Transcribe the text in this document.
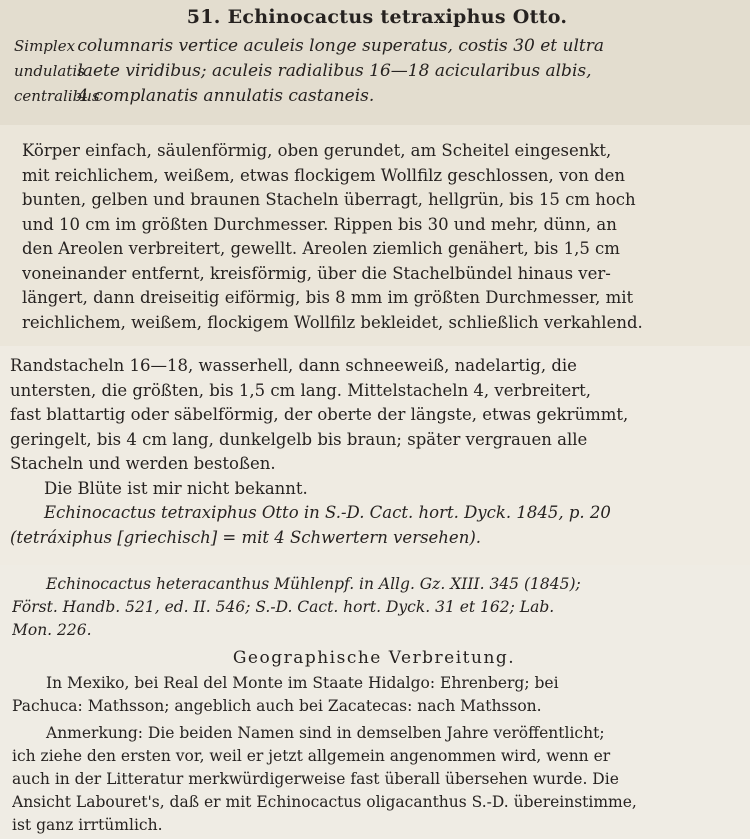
51. Echinocactus tetraxiphus Otto.

Simplex columnaris vertice aculeis longe superatus, costis 30 et ultra
undulatis laete viridibus; aculeis radialibus 16—18 acicularibus albis,
centralibus 4 complanatis annulatis castaneis.

Körper einfach, säulenförmig, oben gerundet, am Scheitel eingesenkt,
mit reichlichem, weißem, etwas flockigem Wollfilz geschlossen, von den
bunten, gelben und braunen Stacheln überragt, hellgrün, bis 15 cm hoch
und 10 cm im größten Durchmesser. Rippen bis 30 und mehr, dünn, an
den Areolen verbreitert, gewellt. Areolen ziemlich genähert, bis 1,5 cm
voneinander entfernt, kreisförmig, über die Stachelbündel hinaus ver-
längert, dann dreiseitig eiförmig, bis 8 mm im größten Durchmesser, mit
reichlichem, weißem, flockigem Wollfilz bekleidet, schließlich verkahlend.

Randstacheln 16—18, wasserhell, dann schneeweiß, nadelartig, die
untersten, die größten, bis 1,5 cm lang. Mittelstacheln 4, verbreitert,
fast blattartig oder säbelförmig, der oberte der längste, etwas gekrümmt,
geringelt, bis 4 cm lang, dunkelgelb bis braun; später vergrauen alle
Stacheln und werden bestoßen.

Die Blüte ist mir nicht bekannt.

Echinocactus tetraxiphus Otto in S.-D. Cact. hort. Dyck. 1845, p. 20
(tetráxiphus [griechisch] = mit 4 Schwertern versehen).

Echinocactus heteracanthus Mühlenpf. in Allg. Gz. XIII. 345 (1845);
Först. Handb. 521, ed. II. 546; S.-D. Cact. hort. Dyck. 31 et 162; Lab.
Mon. 226.

Geographische Verbreitung.

In Mexiko, bei Real del Monte im Staate Hidalgo: Ehrenberg; bei
Pachuca: Mathsson; angeblich auch bei Zacatecas: nach Mathsson.

Anmerkung: Die beiden Namen sind in demselben Jahre veröffentlicht;
ich ziehe den ersten vor, weil er jetzt allgemein angenommen wird, wenn er
auch in der Litteratur merkwürdigerweise fast überall übersehen wurde. Die
Ansicht Labouret's, daß er mit Echinocactus oligacanthus S.-D. übereinstimme,
ist ganz irrtümlich.
